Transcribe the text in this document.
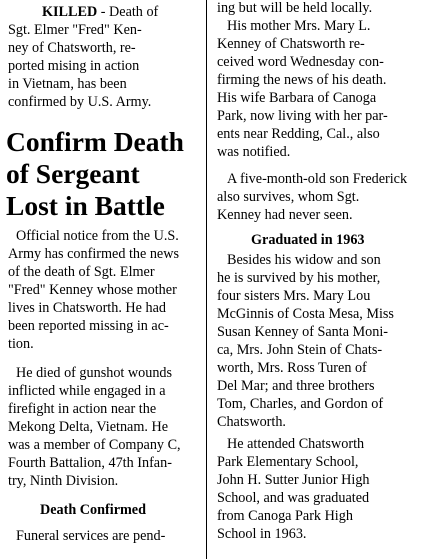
KILLED - Death of
Sgt. Elmer "Fred" Ken-
ney of Chatsworth, re-
ported mising in action
in Vietnam, has been
confirmed by U.S. Army.
Confirm Death
of Sergeant
Lost in Battle
Official notice from the U.S.
Army has confirmed the news
of the death of Sgt. Elmer
"Fred" Kenney whose mother
lives in Chatsworth. He had
been reported missing in ac-
tion.
He died of gunshot wounds
inflicted while engaged in a
firefight in action near the
Mekong Delta, Vietnam. He
was a member of Company C,
Fourth Battalion, 47th Infan-
try, Ninth Division.
Death Confirmed
Funeral services are pend-
ing but will be held locally.
His mother Mrs. Mary L.
Kenney of Chatsworth re-
ceived word Wednesday con-
firming the news of his death.
His wife Barbara of Canoga
Park, now living with her par-
ents near Redding, Cal., also
was notified.
A five-month-old son Frederick
also survives, whom Sgt.
Kenney had never seen.
Graduated in 1963
Besides his widow and son
he is survived by his mother,
four sisters Mrs. Mary Lou
McGinnis of Costa Mesa, Miss
Susan Kenney of Santa Moni-
ca, Mrs. John Stein of Chats-
worth, Mrs. Ross Turen of
Del Mar; and three brothers
Tom, Charles, and Gordon of
Chatsworth.
He attended Chatsworth
Park Elementary School,
John H. Sutter Junior High
School, and was graduated
from Canoga Park High
School in 1963.
